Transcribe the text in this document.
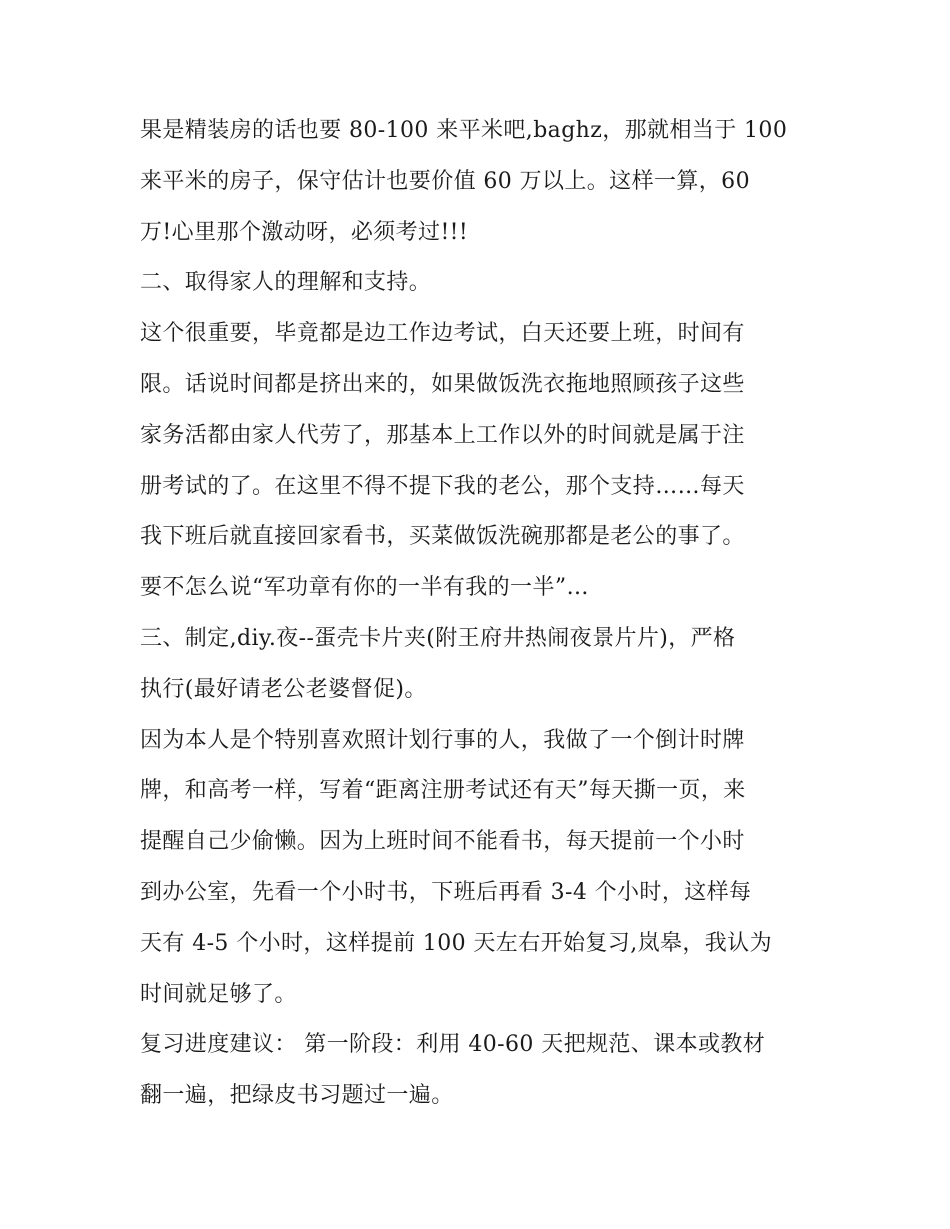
果是精装房的话也要 80-100 来平米吧,baghz，那就相当于 100
来平米的房子，保守估计也要价值 60 万以上。这样一算，60
万!心里那个激动呀，必须考过!!!
二、取得家人的理解和支持。
这个很重要，毕竟都是边工作边考试，白天还要上班，时间有
限。话说时间都是挤出来的，如果做饭洗衣拖地照顾孩子这些
家务活都由家人代劳了，那基本上工作以外的时间就是属于注
册考试的了。在这里不得不提下我的老公，那个支持……每天
我下班后就直接回家看书，买菜做饭洗碗那都是老公的事了。
要不怎么说“军功章有你的一半有我的一半”…
三、制定,diy.夜--蛋壳卡片夹(附王府井热闹夜景片片)，严格
执行(最好请老公老婆督促)。
因为本人是个特别喜欢照计划行事的人，我做了一个倒计时牌
牌，和高考一样，写着“距离注册考试还有天”每天撕一页，来
提醒自己少偷懒。因为上班时间不能看书，每天提前一个小时
到办公室，先看一个小时书，下班后再看 3-4 个小时，这样每
天有 4-5 个小时，这样提前 100 天左右开始复习,岚皋，我认为
时间就足够了。
复习进度建议： 第一阶段：利用 40-60 天把规范、课本或教材
翻一遍，把绿皮书习题过一遍。
